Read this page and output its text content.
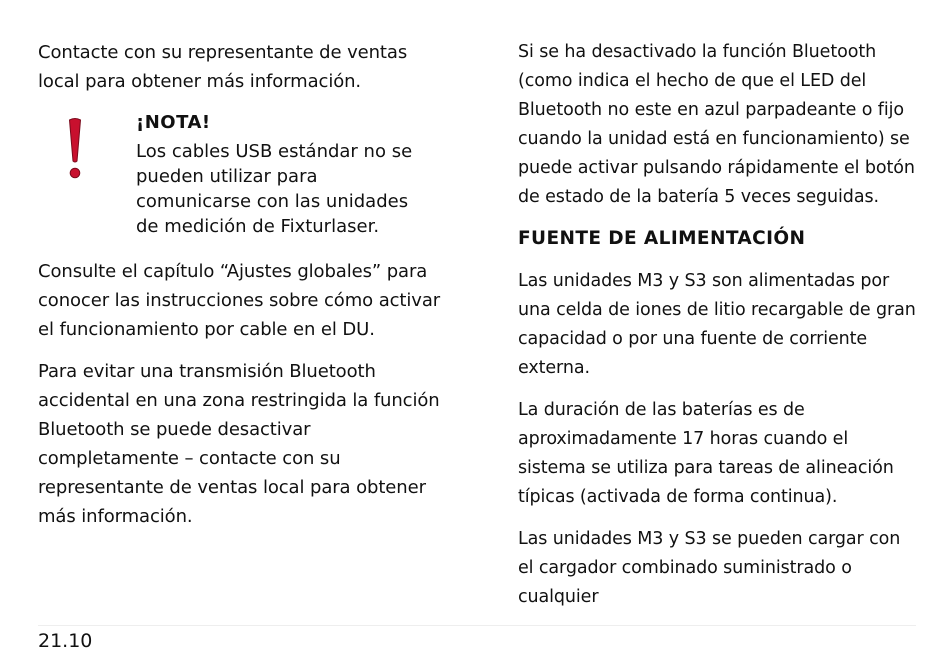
Contacte con su representante de ventas local para obtener más información.

¡NOTA!

Los cables USB estándar no se pueden utilizar para comunicarse con las unidades de medición de Fixturlaser.

Consulte el capítulo “Ajustes globales” para conocer las instrucciones sobre cómo activar el funcionamiento por cable en el DU.

Para evitar una transmisión Bluetooth accidental en una zona restringida la función Bluetooth se puede desactivar completamente – contacte con su representante de ventas local para obtener más información.

Si se ha desactivado la función Bluetooth (como indica el hecho de que el LED del Bluetooth no este en azul parpadeante o fijo cuando la unidad está en funcionamiento) se puede activar pulsando rápidamente el botón de estado de la batería 5 veces seguidas.

FUENTE DE ALIMENTACIÓN

Las unidades M3 y S3 son alimentadas por una celda de iones de litio recargable de gran capacidad o por una fuente de corriente externa.

La duración de las baterías es de aproximadamente 17 horas cuando el sistema se utiliza para tareas de alineación típicas (activada de forma continua).

Las unidades M3 y S3 se pueden cargar con el cargador combinado suministrado o cualquier

21.10
